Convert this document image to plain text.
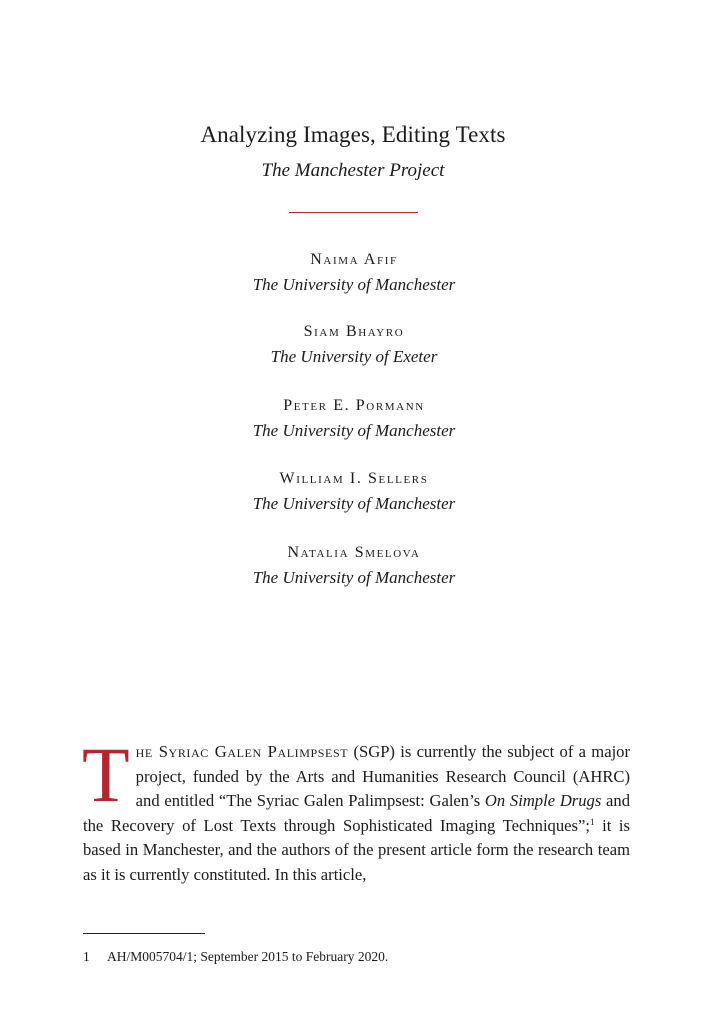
Analyzing Images, Editing Texts
The Manchester Project
Naima Afif
The University of Manchester
Siam Bhayro
The University of Exeter
Peter E. Pormann
The University of Manchester
William I. Sellers
The University of Manchester
Natalia Smelova
The University of Manchester
The Syriac Galen Palimpsest (SGP) is currently the subject of a major project, funded by the Arts and Humanities Research Council (AHRC) and entitled “The Syriac Galen Palimpsest: Galen’s On Simple Drugs and the Recovery of Lost Texts through Sophisticated Imaging Techniques”;$^1$ it is based in Manchester, and the authors of the present article form the research team as it is currently constituted. In this article,
1 AH/M005704/1; September 2015 to February 2020.
